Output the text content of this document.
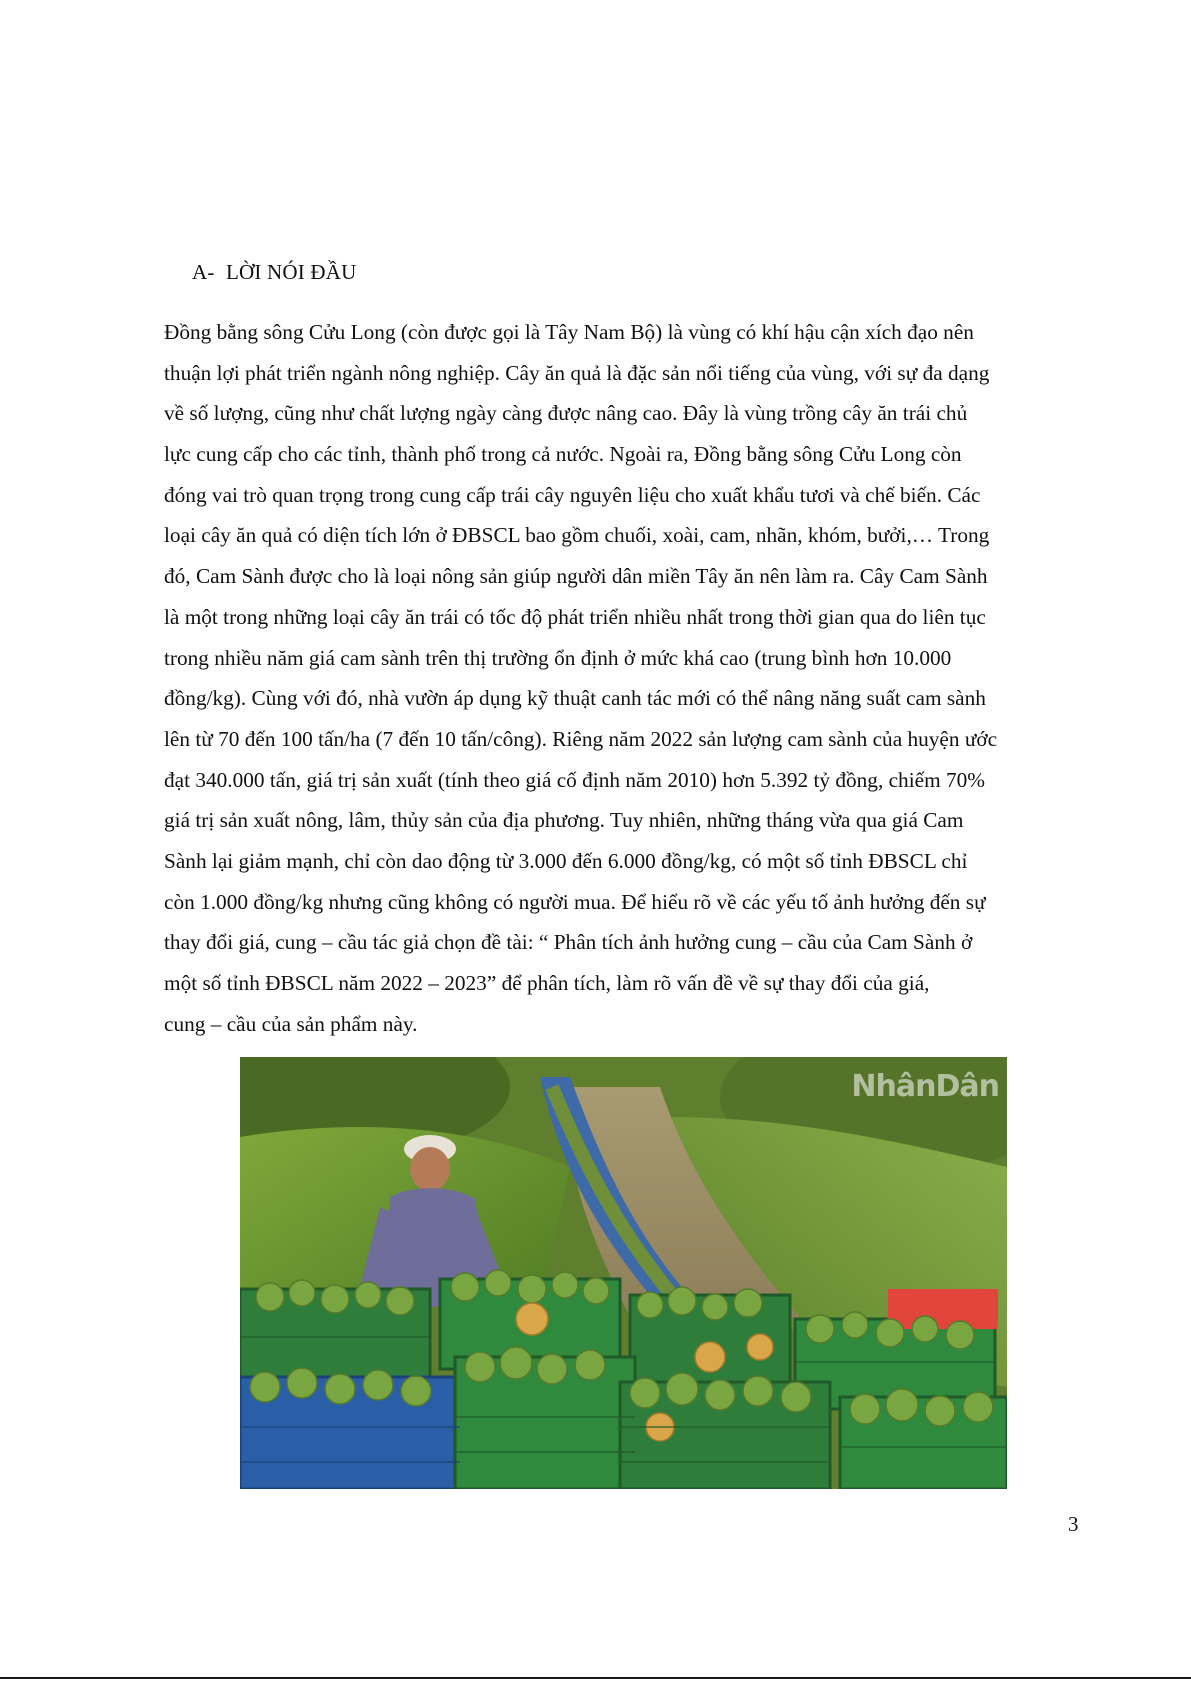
A- LỜI NÓI ĐẦU
Đồng bằng sông Cửu Long (còn được gọi là Tây Nam Bộ) là vùng có khí hậu cận xích đạo nên
thuận lợi phát triển ngành nông nghiệp. Cây ăn quả là đặc sản nổi tiếng của vùng, với sự đa dạng
về số lượng, cũng như chất lượng ngày càng được nâng cao. Đây là vùng trồng cây ăn trái chủ
lực cung cấp cho các tỉnh, thành phố trong cả nước. Ngoài ra, Đồng bằng sông Cửu Long còn
đóng vai trò quan trọng trong cung cấp trái cây nguyên liệu cho xuất khẩu tươi và chế biến. Các
loại cây ăn quả có diện tích lớn ở ĐBSCL bao gồm chuối, xoài, cam, nhãn, khóm, bưởi,… Trong
đó, Cam Sành được cho là loại nông sản giúp người dân miền Tây ăn nên làm ra. Cây Cam Sành
là một trong những loại cây ăn trái có tốc độ phát triển nhiều nhất trong thời gian qua do liên tục
trong nhiều năm giá cam sành trên thị trường ổn định ở mức khá cao (trung bình hơn 10.000
đồng/kg). Cùng với đó, nhà vườn áp dụng kỹ thuật canh tác mới có thể nâng năng suất cam sành
lên từ 70 đến 100 tấn/ha (7 đến 10 tấn/công). Riêng năm 2022 sản lượng cam sành của huyện ước
đạt 340.000 tấn, giá trị sản xuất (tính theo giá cố định năm 2010) hơn 5.392 tỷ đồng, chiếm 70%
giá trị sản xuất nông, lâm, thủy sản của địa phương. Tuy nhiên, những tháng vừa qua giá Cam
Sành lại giảm mạnh, chỉ còn dao động từ 3.000 đến 6.000 đồng/kg, có một số tỉnh ĐBSCL chỉ
còn 1.000 đồng/kg nhưng cũng không có người mua. Để hiểu rõ về các yếu tố ảnh hưởng đến sự
thay đổi giá, cung – cầu tác giả chọn đề tài: “ Phân tích ảnh hưởng cung – cầu của Cam Sành ở
một số tỉnh ĐBSCL năm 2022 – 2023” để phân tích, làm rõ vấn đề về sự thay đổi của giá,
cung – cầu của sản phẩm này.
NhânDân
3
